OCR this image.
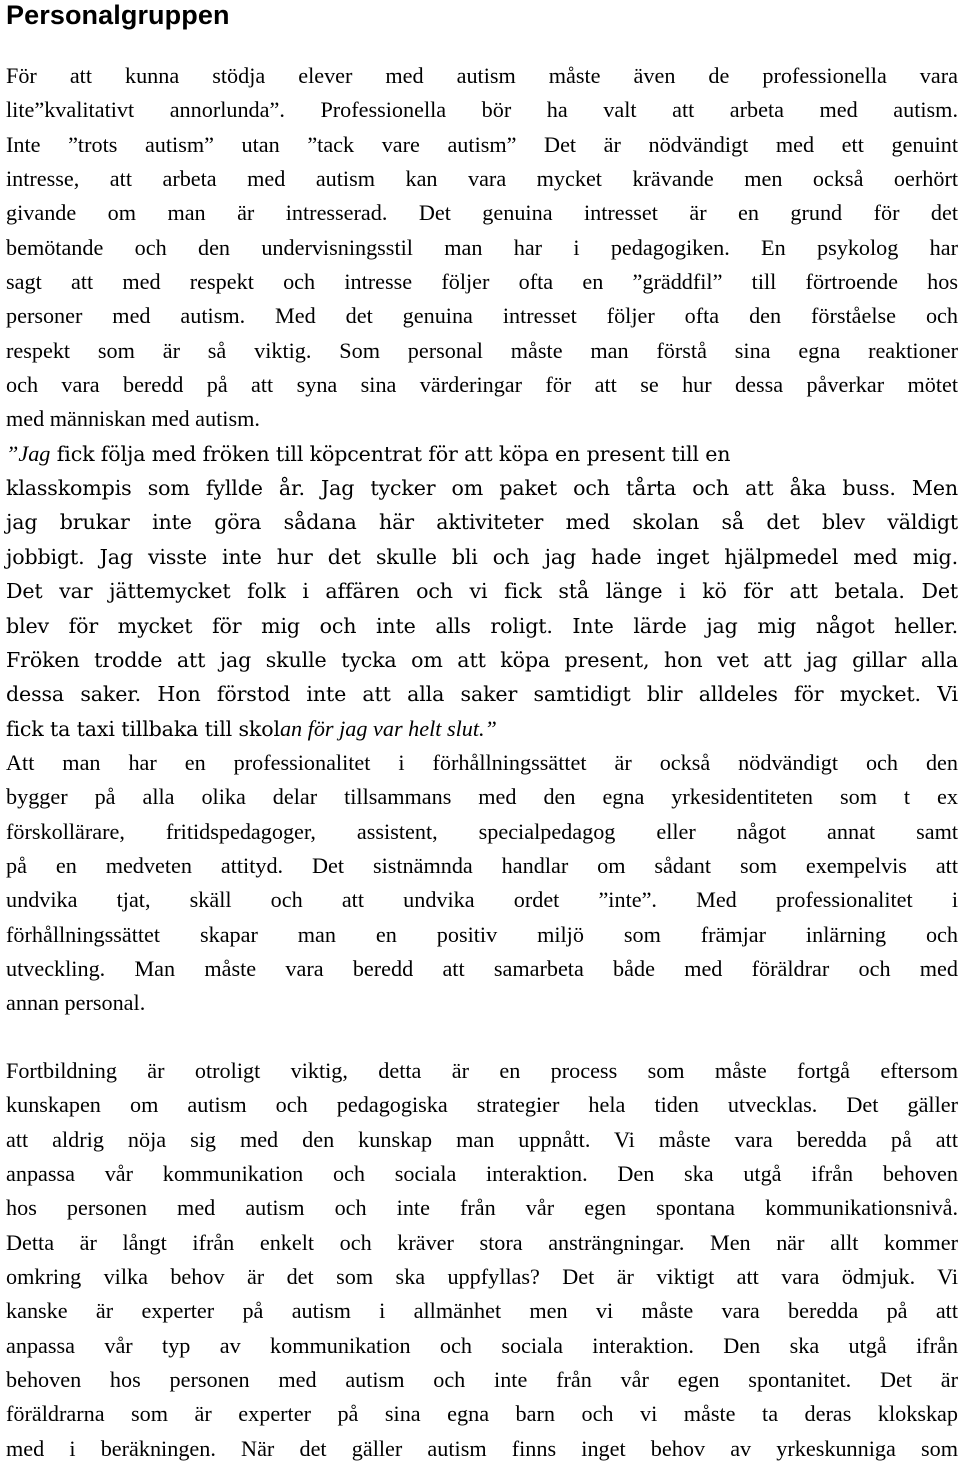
Personalgruppen
För att kunna stödja elever med autism måste även de professionella vara
lite”kvalitativt annorlunda”. Professionella bör ha valt att arbeta med autism.
Inte ”trots autism” utan ”tack vare autism” Det är nödvändigt med ett genuint
intresse, att arbeta med autism kan vara mycket krävande men också oerhört
givande om man är intresserad. Det genuina intresset är en grund för det
bemötande och den undervisningsstil man har i pedagogiken. En psykolog har
sagt att med respekt och intresse följer ofta en ”gräddfil” till förtroende hos
personer med autism. Med det genuina intresset följer ofta den förståelse och
respekt som är så viktig. Som personal måste man förstå sina egna reaktioner
och vara beredd på att syna sina värderingar för att se hur dessa påverkar mötet
med människan med autism.
”Jag fick följa med fröken till köpcentrat för att köpa en present till en
klasskompis som fyllde år. Jag tycker om paket och tårta och att åka buss. Men
jag brukar inte göra sådana här aktiviteter med skolan så det blev väldigt
jobbigt. Jag visste inte hur det skulle bli och jag hade inget hjälpmedel med mig.
Det var jättemycket folk i affären och vi fick stå länge i kö för att betala. Det
blev för mycket för mig och inte alls roligt. Inte lärde jag mig något heller.
Fröken trodde att jag skulle tycka om att köpa present, hon vet att jag gillar alla
dessa saker. Hon förstod inte att alla saker samtidigt blir alldeles för mycket. Vi
fick ta taxi tillbaka till skolan för jag var helt slut.”
Att man har en professionalitet i förhållningssättet är också nödvändigt och den
bygger på alla olika delar tillsammans med den egna yrkesidentiteten som t ex
förskollärare, fritidspedagoger, assistent, specialpedagog eller något annat samt
på en medveten attityd. Det sistnämnda handlar om sådant som exempelvis att
undvika tjat, skäll och att undvika ordet ”inte”. Med professionalitet i
förhållningssättet skapar man en positiv miljö som främjar inlärning och
utveckling. Man måste vara beredd att samarbeta både med föräldrar och med
annan personal.
Fortbildning är otroligt viktig, detta är en process som måste fortgå eftersom
kunskapen om autism och pedagogiska strategier hela tiden utvecklas. Det gäller
att aldrig nöja sig med den kunskap man uppnått. Vi måste vara beredda på att
anpassa vår kommunikation och sociala interaktion. Den ska utgå ifrån behoven
hos personen med autism och inte från vår egen spontana kommunikationsnivå.
Detta är långt ifrån enkelt och kräver stora ansträngningar. Men när allt kommer
omkring vilka behov är det som ska uppfyllas? Det är viktigt att vara ödmjuk. Vi
kanske är experter på autism i allmänhet men vi måste vara beredda på att
anpassa vår typ av kommunikation och sociala interaktion. Den ska utgå ifrån
behoven hos personen med autism och inte från vår egen spontanitet. Det är
föräldrarna som är experter på sina egna barn och vi måste ta deras klokskap
med i beräkningen. När det gäller autism finns inget behov av yrkeskunniga som
